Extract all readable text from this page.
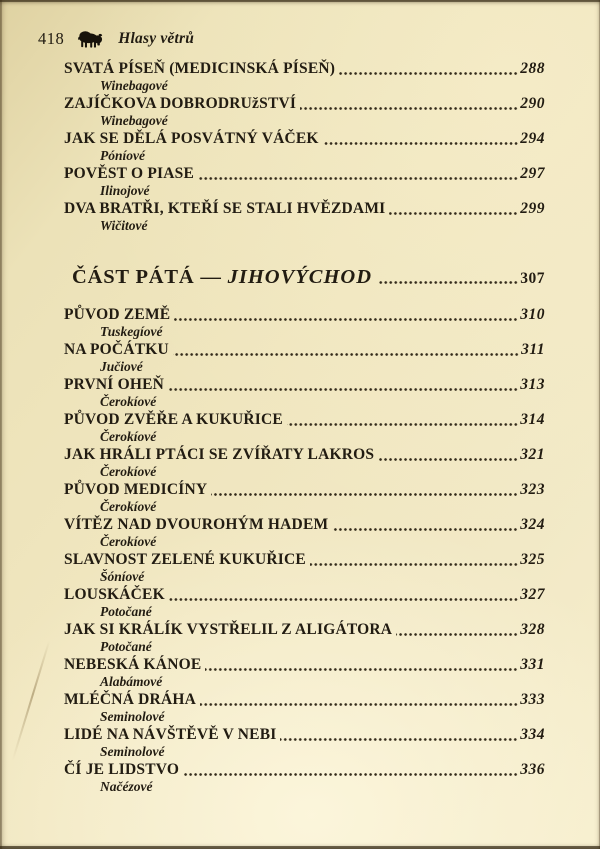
418	Hlasy větrů
SVATÁ PÍSEŇ (MEDICINSKÁ PÍSEŇ)	288
Winebagové
ZAJÍČKOVA DOBRODRUžSTVÍ	290
Winebagové
JAK SE DĚLÁ POSVÁTNÝ VÁČEK	294
Póníové
POVĚST O PIASE	297
Ilinojové
DVA BRATŘI, KTEŘÍ SE STALI HVĚZDAMI	299
Wičitové
ČÁST PÁTÁ — JIHOVÝCHOD	307
PŮVOD ZEMĚ	310
Tuskegíové
NA POČÁTKU	311
Jučiové
PRVNÍ OHEŇ	313
Čerokíové
PŮVOD ZVĚŘE A KUKUŘICE	314
Čerokíové
JAK HRÁLI PTÁCI SE ZVÍŘATY LAKROS	321
Čerokíové
PŮVOD MEDICÍNY	323
Čerokíové
VÍTĚZ NAD DVOUROHÝM HADEM	324
Čerokíové
SLAVNOST ZELENÉ KUKUŘICE	325
Šóníové
LOUSKÁČEK	327
Potočané
JAK SI KRÁLÍK VYSTŘELIL Z ALIGÁTORA	328
Potočané
NEBESKÁ KÁNOE	331
Alabámové
MLÉČNÁ DRÁHA	333
Seminolové
LIDÉ NA NÁVŠTĚVĚ V NEBI	334
Seminolové
ČÍ JE LIDSTVO	336
Načézové
